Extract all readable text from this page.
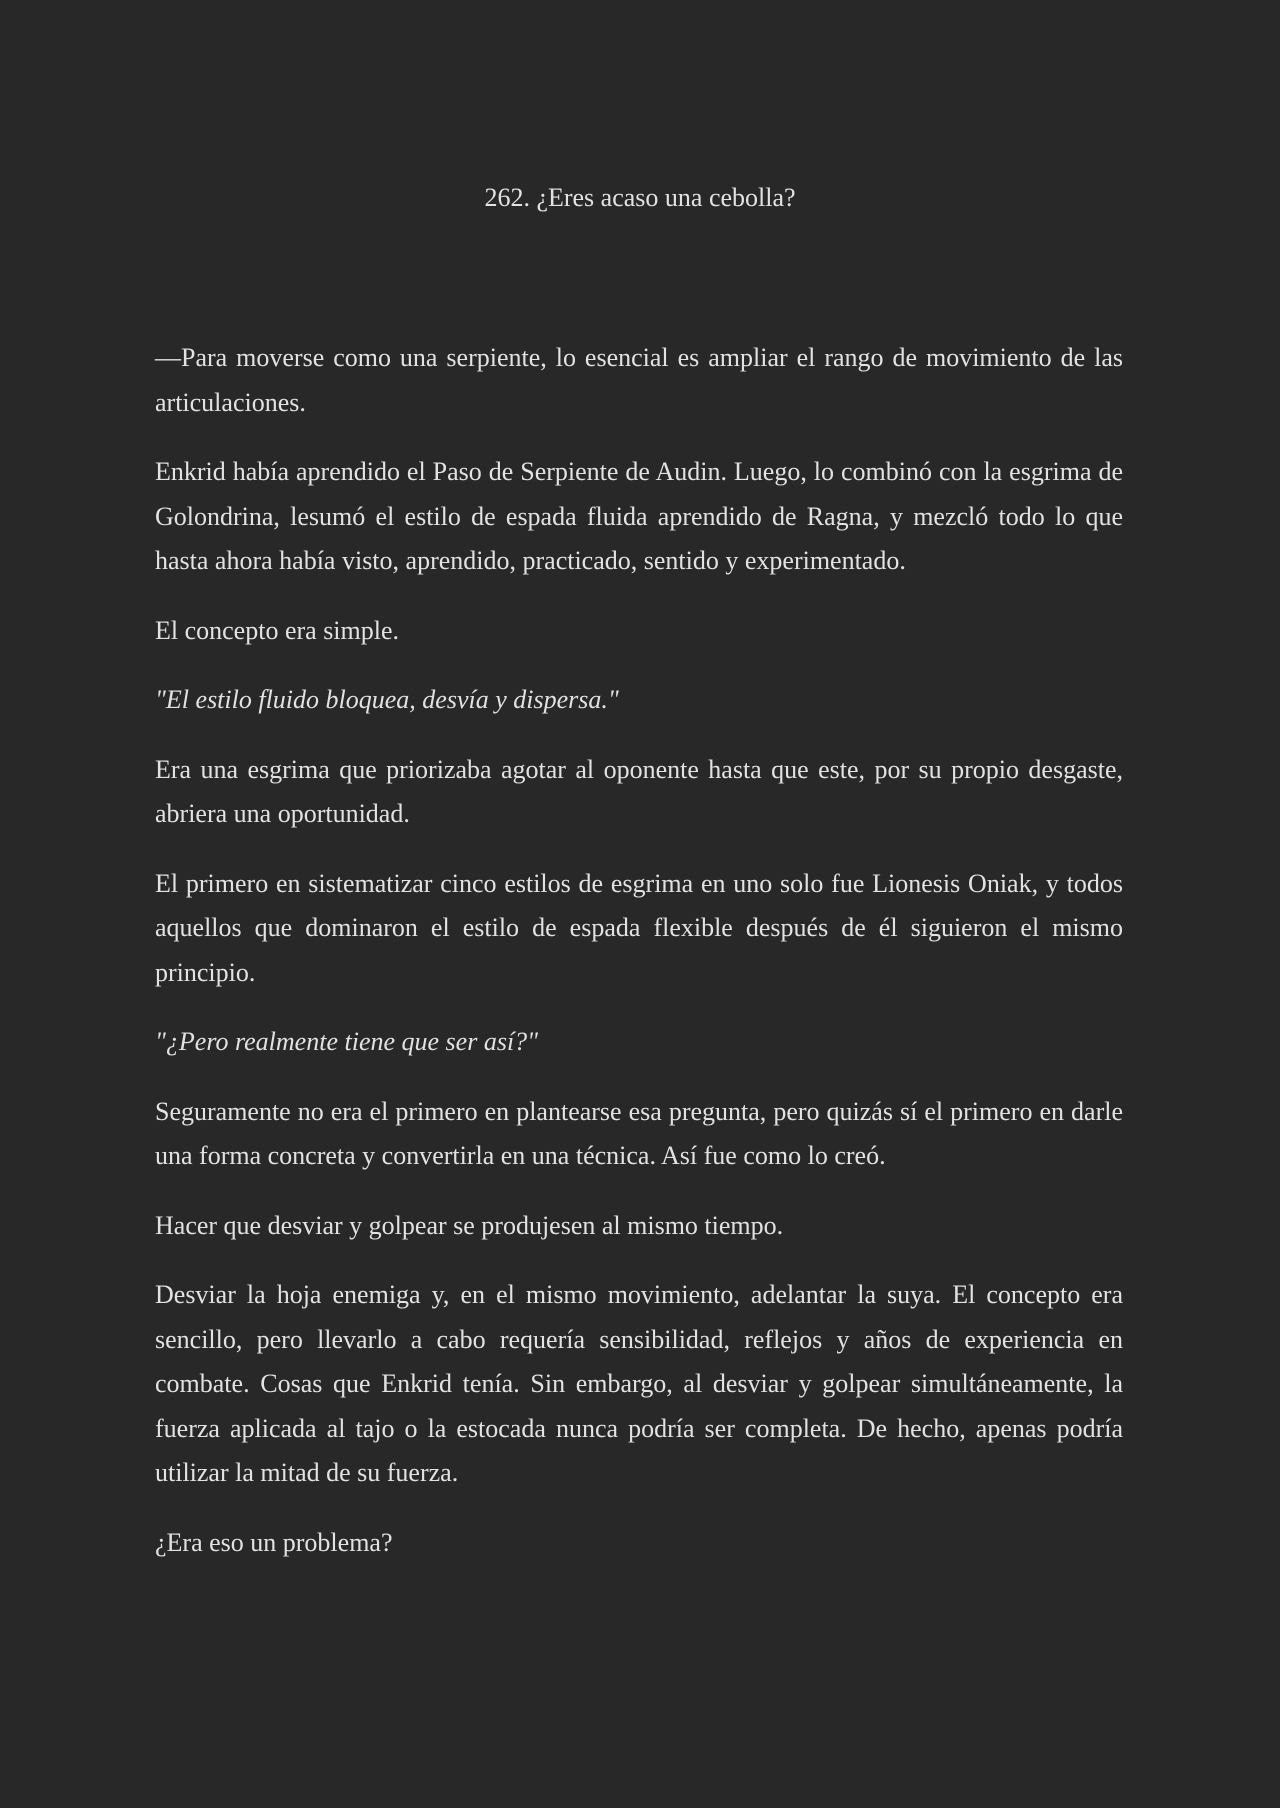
262. ¿Eres acaso una cebolla?

—Para moverse como una serpiente, lo esencial es ampliar el rango de movimiento de las articulaciones.

Enkrid había aprendido el Paso de Serpiente de Audin. Luego, lo combinó con la esgrima de Golondrina, lesumó el estilo de espada fluida aprendido de Ragna, y mezcló todo lo que hasta ahora había visto, aprendido, practicado, sentido y experimentado.

El concepto era simple.

"El estilo fluido bloquea, desvía y dispersa."

Era una esgrima que priorizaba agotar al oponente hasta que este, por su propio desgaste, abriera una oportunidad.

El primero en sistematizar cinco estilos de esgrima en uno solo fue Lionesis Oniak, y todos aquellos que dominaron el estilo de espada flexible después de él siguieron el mismo principio.

"¿Pero realmente tiene que ser así?"

Seguramente no era el primero en plantearse esa pregunta, pero quizás sí el primero en darle una forma concreta y convertirla en una técnica. Así fue como lo creó.

Hacer que desviar y golpear se produjesen al mismo tiempo.

Desviar la hoja enemiga y, en el mismo movimiento, adelantar la suya. El concepto era sencillo, pero llevarlo a cabo requería sensibilidad, reflejos y años de experiencia en combate. Cosas que Enkrid tenía. Sin embargo, al desviar y golpear simultáneamente, la fuerza aplicada al tajo o la estocada nunca podría ser completa. De hecho, apenas podría utilizar la mitad de su fuerza.

¿Era eso un problema?
